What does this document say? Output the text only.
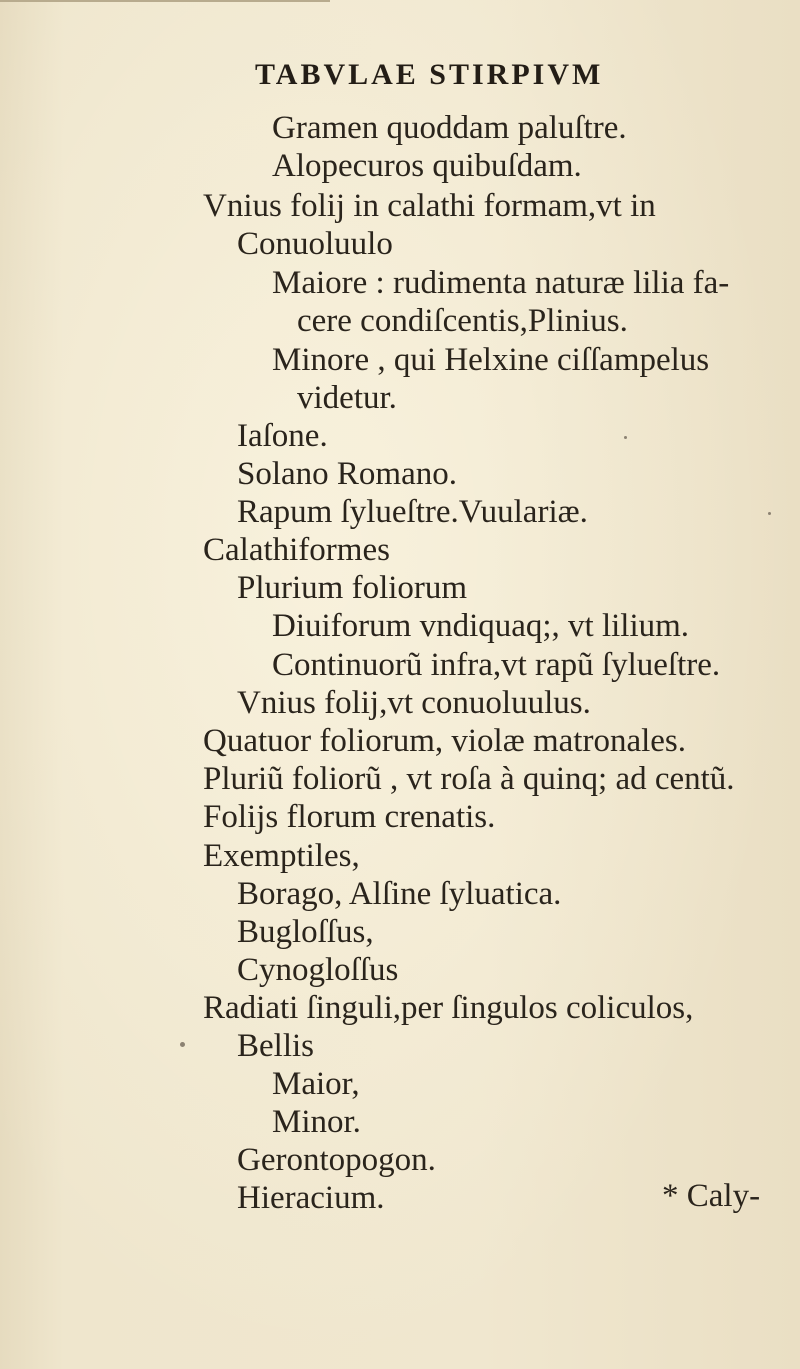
TABVLAE STIRPIVM
Gramen quoddam paluſtre.
Alopecuros quibuſdam.
Vnius folij in calathi formam,vt in
Conuoluulo
Maiore : rudimenta naturæ lilia fa-
cere condiſcentis,Plinius.
Minore , qui Helxine ciſſampelus
videtur.
Iaſone.
Solano Romano.
Rapum ſylueſtre.Vuulariæ.
Calathiformes
Plurium foliorum
Diuiforum vndiquaq;, vt lilium.
Continuorũ infra,vt rapũ ſylueſtre.
Vnius folij,vt conuoluulus.
Quatuor foliorum, violæ matronales.
Pluriũ foliorũ , vt roſa à quinq; ad centũ.
Folijs florum crenatis.
Exemptiles,
Borago, Alſine ſyluatica.
Bugloſſus,
Cynogloſſus
Radiati ſinguli,per ſingulos coliculos,
Bellis
Maior,
Minor.
Gerontopogon.
Hieracium.	* Caly-
